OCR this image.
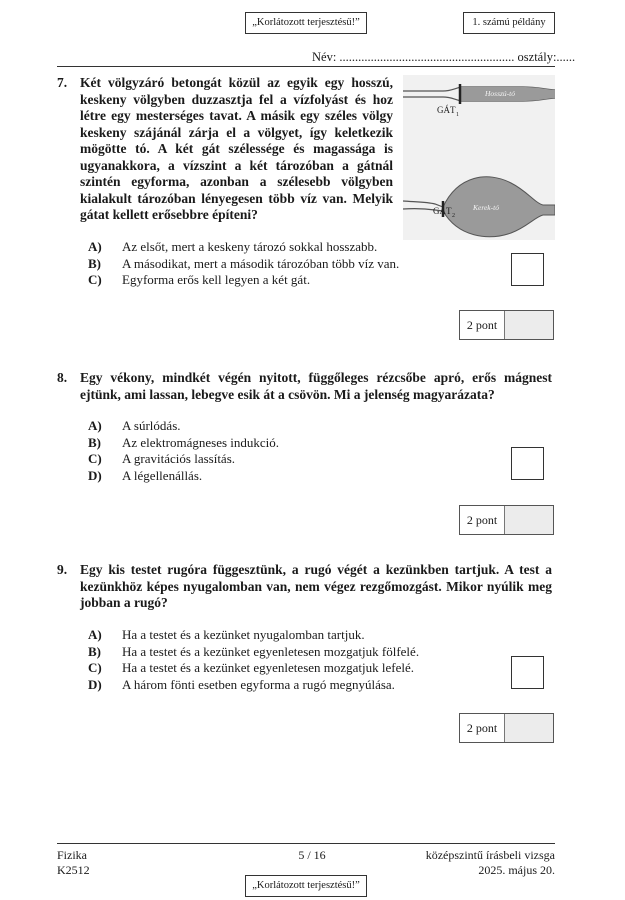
„Korlátozott terjesztésű!”	1. számú példány
Név: ........................................................ osztály:......
7. Két völgyzáró betongát közül az egyik egy hosszú, keskeny völgyben duzzasztja fel a vízfolyást és hoz létre egy mesterséges tavat. A másik egy széles völgy keskeny szájánál zárja el a völgyet, így keletkezik mögötte tó. A két gát szélessége és magassága is ugyanakkora, a vízszint a két tározóban a gátnál szintén egyforma, azonban a szélesebb völgyben kialakult tározóban lényegesen több víz van. Melyik gátat kellett erősebbre építeni?
Hosszú-tó
GÁT 1
Kerek-tó
GÁT 2
A)	Az elsőt, mert a keskeny tározó sokkal hosszabb.
B)	A másodikat, mert a második tározóban több víz van.
C)	Egyforma erős kell legyen a két gát.
2 pont
8. Egy vékony, mindkét végén nyitott, függőleges rézcsőbe apró, erős mágnest ejtünk, ami lassan, lebegve esik át a csövön. Mi a jelenség magyarázata?
A)	A súrlódás.
B)	Az elektromágneses indukció.
C)	A gravitációs lassítás.
D)	A légellenállás.
2 pont
9. Egy kis testet rugóra függesztünk, a rugó végét a kezünkben tartjuk. A test a kezünkhöz képes nyugalomban van, nem végez rezgőmozgást. Mikor nyúlik meg jobban a rugó?
A)	Ha a testet és a kezünket nyugalomban tartjuk.
B)	Ha a testet és a kezünket egyenletesen mozgatjuk fölfelé.
C)	Ha a testet és a kezünket egyenletesen mozgatjuk lefelé.
D)	A három fönti esetben egyforma a rugó megnyúlása.
2 pont
Fizika
K2512
5 / 16	középszintű írásbeli vizsga
2025. május 20.
„Korlátozott terjesztésű!”
